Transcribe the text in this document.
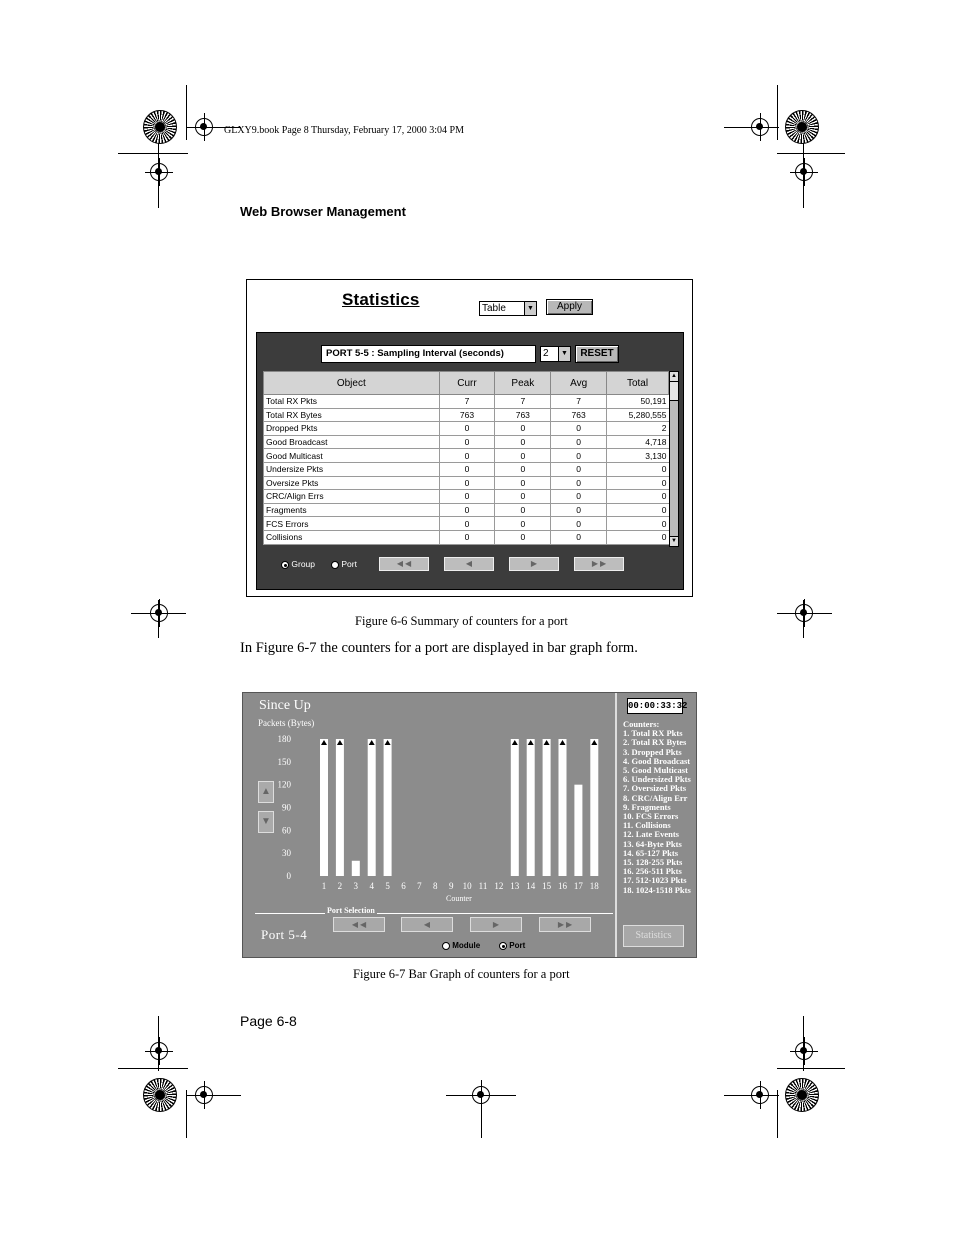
GLXY9.book Page 8 Thursday, February 17, 2000 3:04 PM
Web Browser Management
Statistics	Table	▼	Apply
PORT 5-5 : Sampling Interval (seconds)	2	▼	RESET
Object	Curr	Peak	Avg	Total
Total RX Pkts	7	7	7	50,191
Total RX Bytes	763	763	763	5,280,555
Dropped Pkts	0	0	0	2
Good Broadcast	0	0	0	4,718
Good Multicast	0	0	0	3,130
Undersize Pkts	0	0	0	0
Oversize Pkts	0	0	0	0
CRC/Align Errs	0	0	0	0
Fragments	0	0	0	0
FCS Errors	0	0	0	0
Collisions	0	0	0	0
▲
▼
Group	Port	◀ ◀	◀	▶	▶ ▶
Figure 6-6 Summary of counters for a port
In Figure 6-7 the counters for a port are displayed in bar graph form.
Since Up
Packets (Bytes)
0
30
60
90
120
150
180
1 2 3 4 5 6 7 8 9 10 11 12 13 14 15 16 17 18
▲
▼
Counter
Port Selection
◀ ◀	◀	▶	▶ ▶
Port 5-4
Module	Port
00:00:33:32
Counters:
1. Total RX Pkts
2. Total RX Bytes
3. Dropped Pkts
4. Good Broadcast
5. Good Multicast
6. Undersized Pkts
7. Oversized Pkts
8. CRC/Align Err
9. Fragments
10. FCS Errors
11. Collisions
12. Late Events
13. 64-Byte Pkts
14. 65-127 Pkts
15. 128-255 Pkts
16. 256-511 Pkts
17. 512-1023 Pkts
18. 1024-1518 Pkts
Statistics
Figure 6-7 Bar Graph of counters for a port
Page 6-8
